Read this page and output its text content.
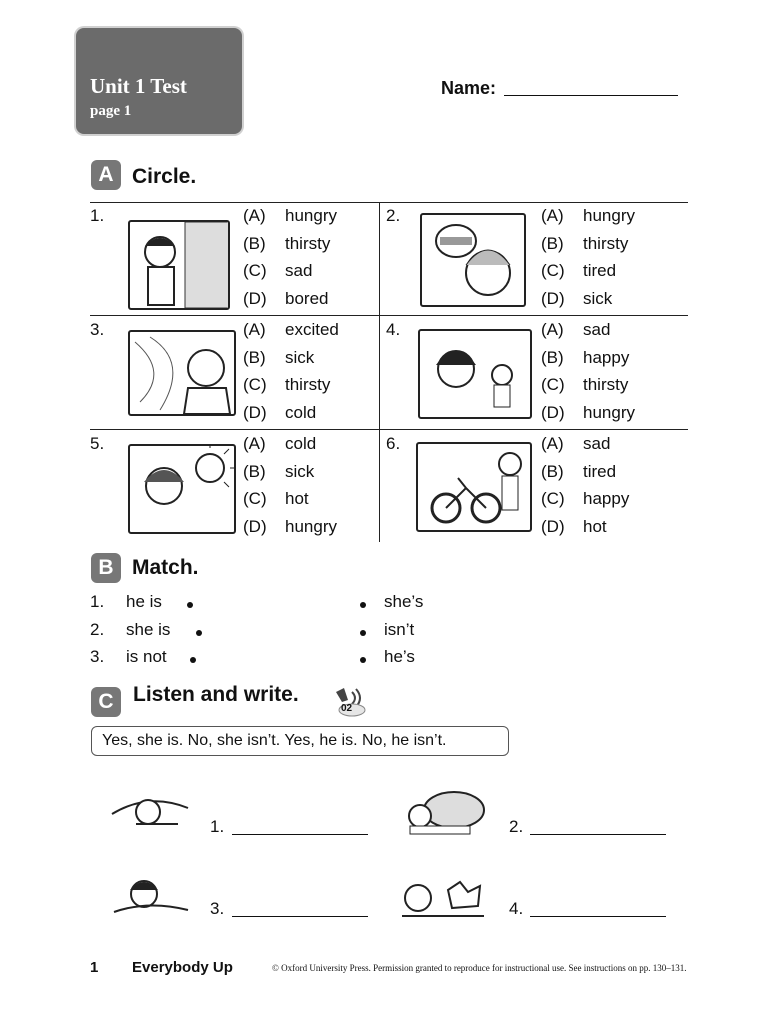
Unit 1 Test
page 1
Name:
A Circle.
1.	(A)	hungry
(B)	thirsty
(C)	sad
(D)	bored
2.	(A)	hungry
(B)	thirsty
(C)	tired
(D)	sick
3.	(A)	excited
(B)	sick
(C)	thirsty
(D)	cold
4.	(A)	sad
(B)	happy
(C)	thirsty
(D)	hungry
5.	(A)	cold
(B)	sick
(C)	hot
(D)	hungry
6.	(A)	sad
(B)	tired
(C)	happy
(D)	hot
B Match.
1. he is
2. she is
3. is not
she’s
isn’t
he’s
C Listen and write.
02
Yes, she is. No, she isn’t. Yes, he is. No, he isn’t.
1.	2.
3.	4.
1 Everybody Up	© Oxford University Press. Permission granted to reproduce for instructional use. See instructions on pp. 130–131.
